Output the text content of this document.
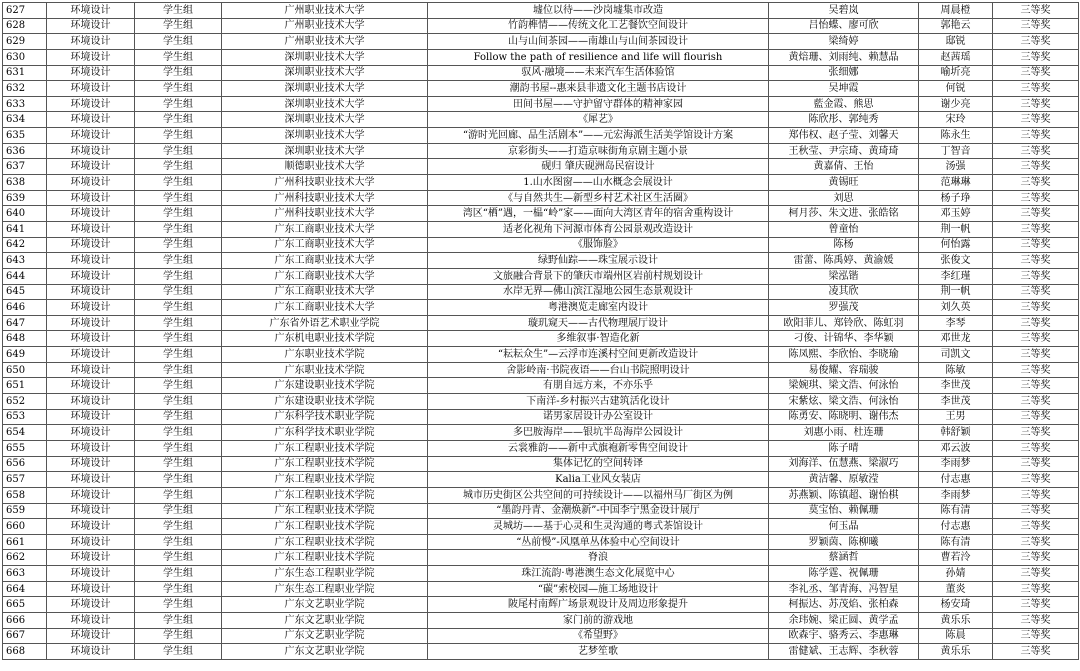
627	环境设计	学生组	广州职业技术大学	墟位以待——沙岗墟集市改造	吴碧岚	周晨橙	三等奖
628	环境设计	学生组	广州职业技术大学	竹韵榫情——传统文化工艺餐饮空间设计	吕怡蝶、廖可欣	郭艳云	三等奖
629	环境设计	学生组	广州职业技术大学	山与山间茶园——南雄山与山间茶园设计	梁绮婷	邸锐	三等奖
630	环境设计	学生组	深圳职业技术大学	Follow the path of resilience and life will flourish	黄焙珊、刘雨纯、赖慧晶	赵茜瑶	三等奖
631	环境设计	学生组	深圳职业技术大学	驭风·融境——未来汽车生活体验馆	张细娜	喻圻亮	三等奖
632	环境设计	学生组	深圳职业技术大学	潮韵书屋--惠来县非遗文化主题书店设计	吴坤霞	何锐	三等奖
633	环境设计	学生组	深圳职业技术大学	田间书屋——守护留守群体的精神家园	藍金霞、熊思	谢少亮	三等奖
634	环境设计	学生组	深圳职业技术大学	《犀艺》	陈欣彤、郭纯秀	宋玲	三等奖
635	环境设计	学生组	深圳职业技术大学	“游时光回廊、品生活剧本”——元宏海派生活美学馆设计方案	郑伟权、赵子莹、刘馨天	陈永生	三等奖
636	环境设计	学生组	深圳职业技术大学	京彩街头——打造京味街角京剧主题小景	王秋莹、尹宗琦、黄琦琦	丁智音	三等奖
637	环境设计	学生组	顺德职业技术大学	砚归 肇庆砚洲岛民宿设计	黄嘉倩、王怡	汤强	三等奖
638	环境设计	学生组	广州科技职业技术大学	1.山水图窗——山水概念会展设计	黄锡旺	范琳琳	三等奖
639	环境设计	学生组	广州科技职业技术大学	《与自然共生—新型乡村艺术社区生活圈》	刘思	杨子琤	三等奖
640	环境设计	学生组	广州科技职业技术大学	湾区“栖”遇，一榀“岭”家——面向大湾区青年的宿舍重构设计	柯月莎、朱文进、张皓铭	邓玉婷	三等奖
641	环境设计	学生组	广东工商职业技术大学	适老化视角下河源市体育公园景观改造设计	曾童怡	荆一帆	三等奖
642	环境设计	学生组	广东工商职业技术大学	《服饰脸》	陈杨	何怡露	三等奖
643	环境设计	学生组	广东工商职业技术大学	绿野仙踪——珠宝展示设计	雷蕾、陈禹婷、黄渝媛	张俊文	三等奖
644	环境设计	学生组	广东工商职业技术大学	文旅融合背景下的肇庆市端州区岩前村规划设计	梁泓锴	李红瑾	三等奖
645	环境设计	学生组	广东工商职业技术大学	水岸无界—佛山滨江湿地公园生态景观设计	凌其欣	荆一帆	三等奖
646	环境设计	学生组	广东工商职业技术大学	粤港澳览走廊室内设计	罗强茂	刘久英	三等奖
647	环境设计	学生组	广东省外语艺术职业学院	璇玑窥天——古代物理展厅设计	欧阳菲儿、郑铃欣、陈虹羽	李琴	三等奖
648	环境设计	学生组	广东机电职业技术学院	多维叙事·智造化新	刁俊、计锦华、李华颖	邓世龙	三等奖
649	环境设计	学生组	广东职业技术学院	“耘耘众生”—云浮市连溪村空间更新改造设计	陈凤熙、李欣怡、李晓瑜	司凯文	三等奖
650	环境设计	学生组	广东职业技术学院	舍影岭南·书院夜语——台山书院照明设计	易俊耀、容瑞骏	陈敏	三等奖
651	环境设计	学生组	广东建设职业技术学院	有朋自远方来，不亦乐乎	梁婉琪、梁文浩、何泳怡	李世茂	三等奖
652	环境设计	学生组	广东建设职业技术学院	下南洋-乡村振兴古建筑活化设计	宋紫炫、梁文浩、何泳怡	李世茂	三等奖
653	环境设计	学生组	广东科学技术职业学院	诺男家居设计办公室设计	陈勇安、陈晓明、谢伟杰	王男	三等奖
654	环境设计	学生组	广东科学技术职业学院	多巴胺海岸——银坑半岛海岸公园设计	刘惠小雨、杜连珊	韩舒颖	三等奖
655	环境设计	学生组	广东工程职业技术学院	云裳雅韵——新中式旗袍新零售空间设计	陈子晴	邓云波	三等奖
656	环境设计	学生组	广东工程职业技术学院	集体记忆的空间转译	刘海洋、伍慧燕、梁淑巧	李雨梦	三等奖
657	环境设计	学生组	广东工程职业技术学院	Kalia工业风女装店	黄洁馨、原敏滢	付志惠	三等奖
658	环境设计	学生组	广东工程职业技术学院	城市历史街区公共空间的可持续设计——以福州马厂街区为例	苏燕颖、陈镇超、谢怡棋	李雨梦	三等奖
659	环境设计	学生组	广东工程职业技术学院	“墨韵丹青、金潮焕新”-中国李宁黑金设计展厅	莫宝怡、赖佩珊	陈有清	三等奖
660	环境设计	学生组	广东工程职业技术学院	灵城坊——基于心灵和生灵沟通的粤式茶馆设计	何玉晶	付志惠	三等奖
661	环境设计	学生组	广东工程职业技术学院	“丛前慢”-风凰单丛体验中心空间设计	罗颖茵、陈柳曦	陈有清	三等奖
662	环境设计	学生组	广东工程职业技术学院	脊浪	蔡涵哲	曹若泠	三等奖
663	环境设计	学生组	广东生态工程职业学院	珠江流韵·粤港澳生态文化展览中心	陈学霆、祝佩珊	孙婧	三等奖
664	环境设计	学生组	广东生态工程职业学院	“碳”索校园—施工场地设计	李礼丞、邹青海、冯智星	董炎	三等奖
665	环境设计	学生组	广东文艺职业学院	陂尾村南辉广场景观设计及周边形象提升	柯振达、苏茂焰、张柏森	杨安琦	三等奖
666	环境设计	学生组	广东文艺职业学院	家门前的游戏地	余玮婉、梁正圆、黄学孟	黄乐乐	三等奖
667	环境设计	学生组	广东文艺职业学院	《希望野》	欧森宇、骆秀云、李惠琳	陈晨	三等奖
668	环境设计	学生组	广东文艺职业学院	艺梦笙歌	雷健斌、王志辉、李秋蓉	黄乐乐	三等奖
